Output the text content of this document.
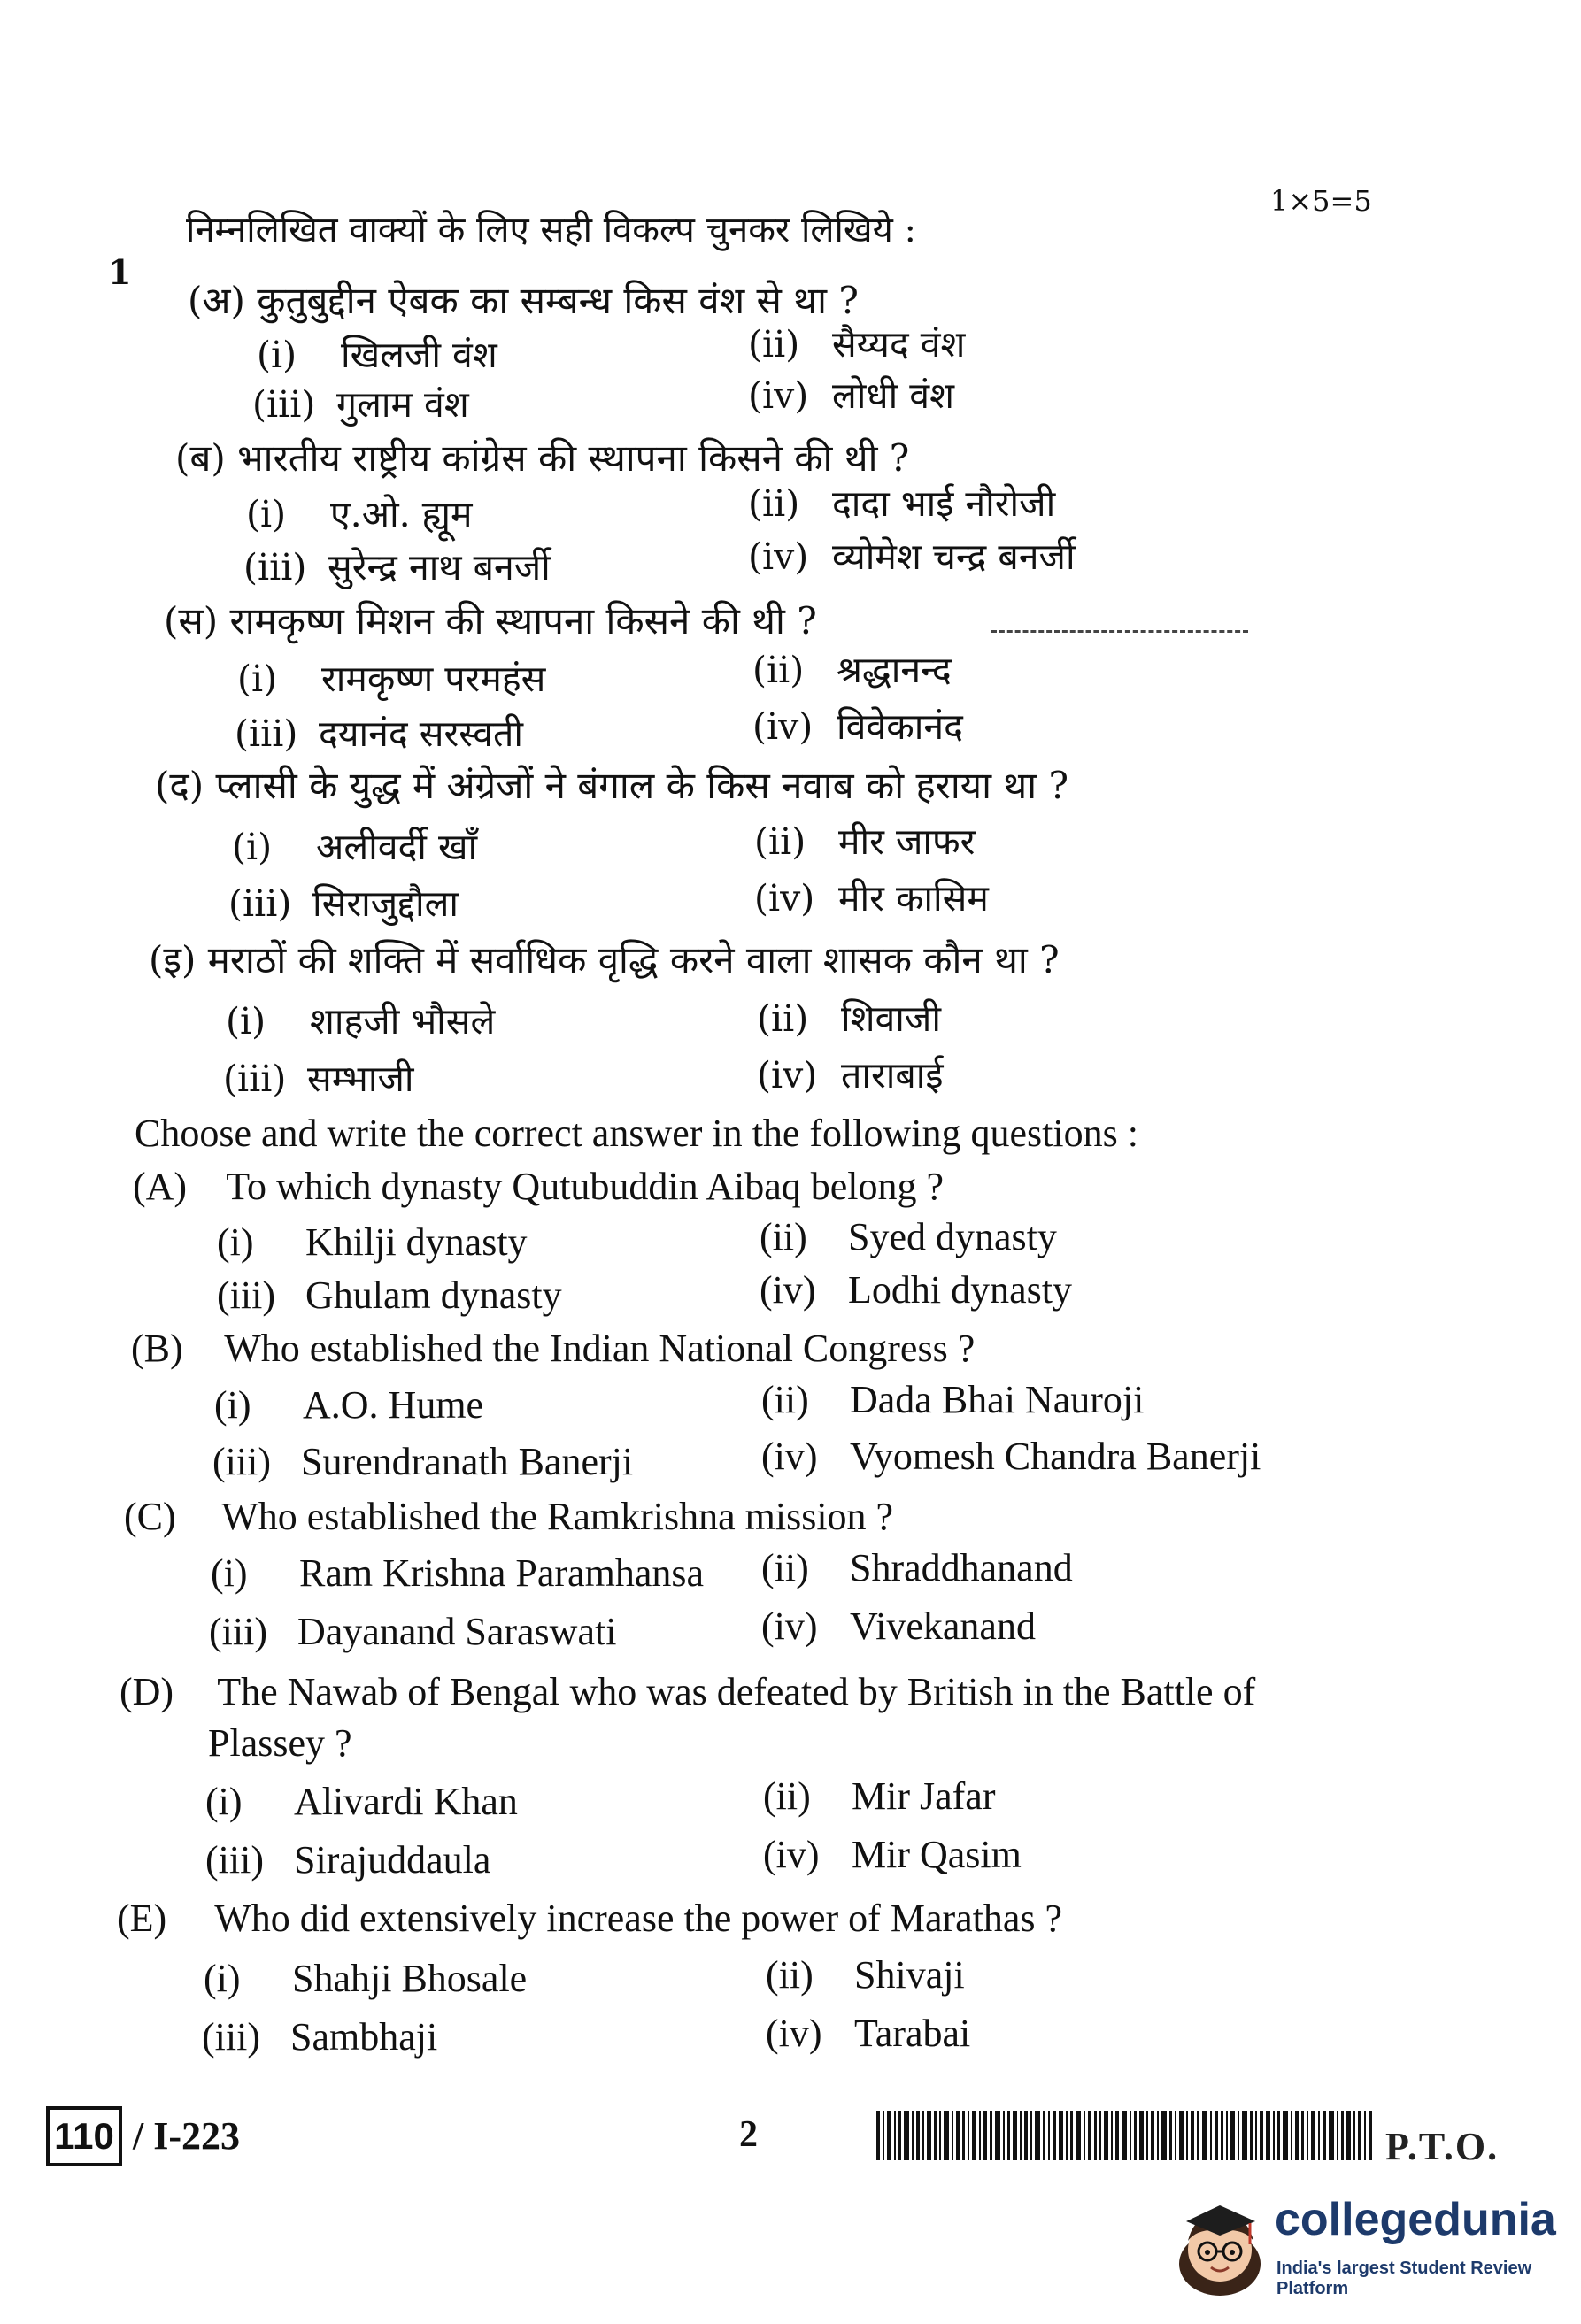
1×5=5
1
निम्नलिखित वाक्यों के लिए सही विकल्प चुनकर लिखिये :
(अ) कुतुबुद्दीन ऐबक का सम्बन्ध किस वंश से था ?
(i) खिलजी वंश	(ii) सैय्यद वंश
(iii) गुलाम वंश	(iv) लोधी वंश
(ब) भारतीय राष्ट्रीय कांग्रेस की स्थापना किसने की थी ?
(i) ए.ओ. ह्यूम	(ii) दादा भाई नौरोजी
(iii) सुरेन्द्र नाथ बनर्जी	(iv) व्योमेश चन्द्र बनर्जी
(स) रामकृष्ण मिशन की स्थापना किसने की थी ?
(i) रामकृष्ण परमहंस	(ii) श्रद्धानन्द
(iii) दयानंद सरस्वती	(iv) विवेकानंद
(द) प्लासी के युद्ध में अंग्रेजों ने बंगाल के किस नवाब को हराया था ?
(i) अलीवर्दी खाँ	(ii) मीर जाफर
(iii) सिराजुद्दौला	(iv) मीर कासिम
(इ) मराठों की शक्ति में सर्वाधिक वृद्धि करने वाला शासक कौन था ?
(i) शाहजी भौसले	(ii) शिवाजी
(iii) सम्भाजी	(iv) ताराबाई
Choose and write the correct answer in the following questions :
(A) To which dynasty Qutubuddin Aibaq belong ?
(i) Khilji dynasty	(ii) Syed dynasty
(iii) Ghulam dynasty	(iv) Lodhi dynasty
(B) Who established the Indian National Congress ?
(i) A.O. Hume	(ii) Dada Bhai Nauroji
(iii) Surendranath Banerji	(iv) Vyomesh Chandra Banerji
(C) Who established the Ramkrishna mission ?
(i) Ram Krishna Paramhansa (ii) Shraddhanand
(iii) Dayanand Saraswati	(iv) Vivekanand
(D) The Nawab of Bengal who was defeated by British in the Battle of
Plassey ?
(i) Alivardi Khan	(ii) Mir Jafar
(iii) Sirajuddaula	(iv) Mir Qasim
(E) Who did extensively increase the power of Marathas ?
(i) Shahji Bhosale	(ii) Shivaji
(iii) Sambhaji	(iv) Tarabai
110 / I-223	2	P.T.O.
collegedunia
India's largest Student Review Platform
